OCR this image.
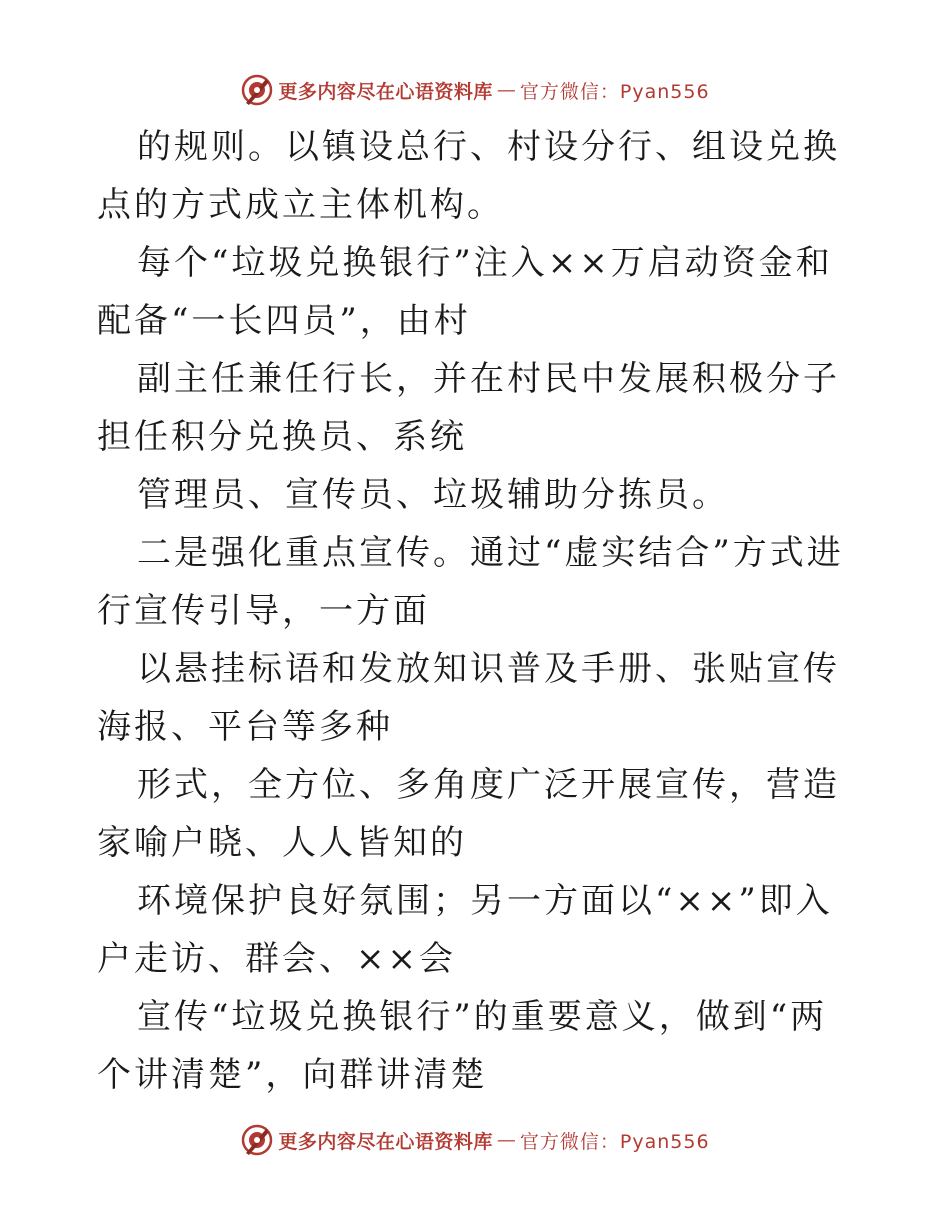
更多内容尽在心语资料库 — 官方微信：Pyan556

的规则。以镇设总行、村设分行、组设兑换点的方式成立主体机构。

每个“垃圾兑换银行”注入××万启动资金和配备“一长四员”，由村

副主任兼任行长，并在村民中发展积极分子担任积分兑换员、系统

管理员、宣传员、垃圾辅助分拣员。

二是强化重点宣传。通过“虚实结合”方式进行宣传引导，一方面

以悬挂标语和发放知识普及手册、张贴宣传海报、平台等多种

形式，全方位、多角度广泛开展宣传，营造家喻户晓、人人皆知的

环境保护良好氛围；另一方面以“××”即入户走访、群会、××会

宣传“垃圾兑换银行”的重要意义，做到“两个讲清楚”，向群讲清楚

更多内容尽在心语资料库 — 官方微信：Pyan556
